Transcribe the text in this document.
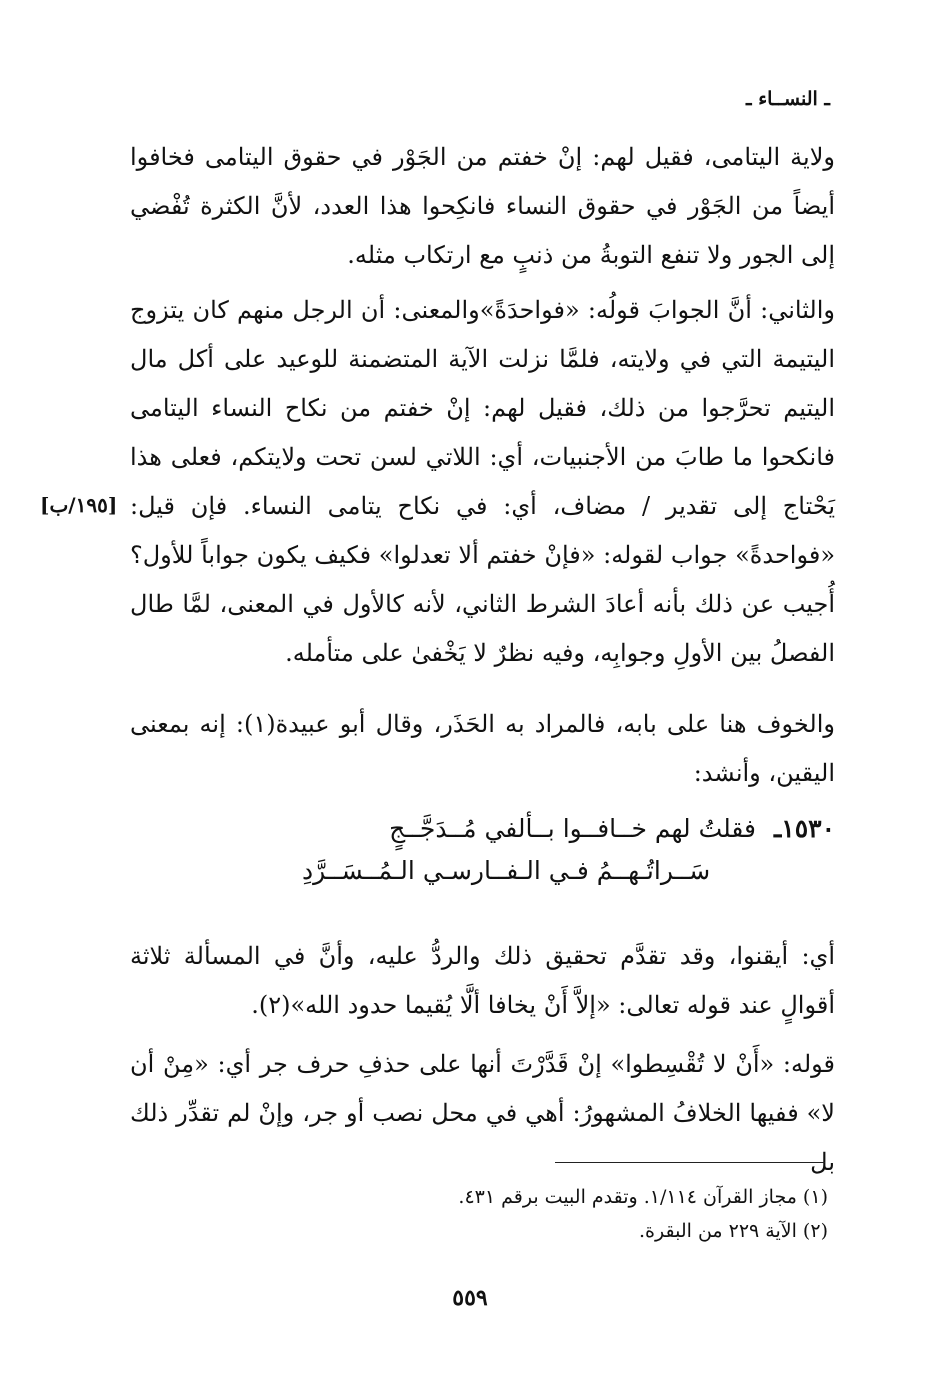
ـ النســاء ـ
ولاية اليتامى، فقيل لهم: إنْ خفتم من الجَوْر في حقوق اليتامى فخافوا أيضاً من الجَوْر في حقوق النساء فانكِحوا هذا العدد، لأنَّ الكثرة تُفْضي إلى الجور ولا تنفع التوبةُ من ذنبٍ مع ارتكاب مثله.
والثاني: أنَّ الجوابَ قولُه: «فواحدَةً»والمعنى: أن الرجل منهم كان يتزوج اليتيمة التي في ولايته، فلمَّا نزلت الآية المتضمنة للوعيد على أكل مال اليتيم تحرَّجوا من ذلك، فقيل لهم: إنْ خفتم من نكاح النساء اليتامى فانكحوا ما طابَ من الأجنبيات، أي: اللاتي لسن تحت ولايتكم، فعلى هذا يَحْتاج إلى تقدير / مضاف، أي: في نكاح يتامى النساء. فإن قيل: «فواحدةً» جواب لقوله: «فإنْ خفتم ألا تعدلوا» فكيف يكون جواباً للأول؟ أُجيب عن ذلك بأنه أعادَ الشرط الثاني، لأنه كالأول في المعنى، لمَّا طال الفصلُ بين الأولِ وجوابِه، وفيه نظرٌ لا يَخْفىٰ على متأمله.
[١٩٥/ب]
والخوف هنا على بابه، فالمراد به الحَذَر، وقال أبو عبيدة(١): إنه بمعنى اليقين، وأنشد:
١٥٣٠ـ فقلتُ لهم خــافــوا بــألفي مُــدَجَّــجٍ
سَــراتُـهــمُ فـي الـفــارسـي الـمُــسَــرَّدِ
أي: أيقنوا، وقد تقدَّم تحقيق ذلك والردُّ عليه، وأنَّ في المسألة ثلاثة أقوالٍ عند قوله تعالى: «إلاَّ أَنْ يخافا ألَّا يُقيما حدود الله»(٢).
قوله: «أَنْ لا تُقْسِطوا» إنْ قَدَّرْتَ أنها على حذفِ حرف جر أي: «مِنْ أن لا» ففيها الخلافُ المشهورُ: أهي في محل نصب أو جر، وإنْ لم تقدِّر ذلك بل
(١) مجاز القرآن ١/١١٤. وتقدم البيت برقم ٤٣١.
(٢) الآية ٢٢٩ من البقرة.
٥٥٩
